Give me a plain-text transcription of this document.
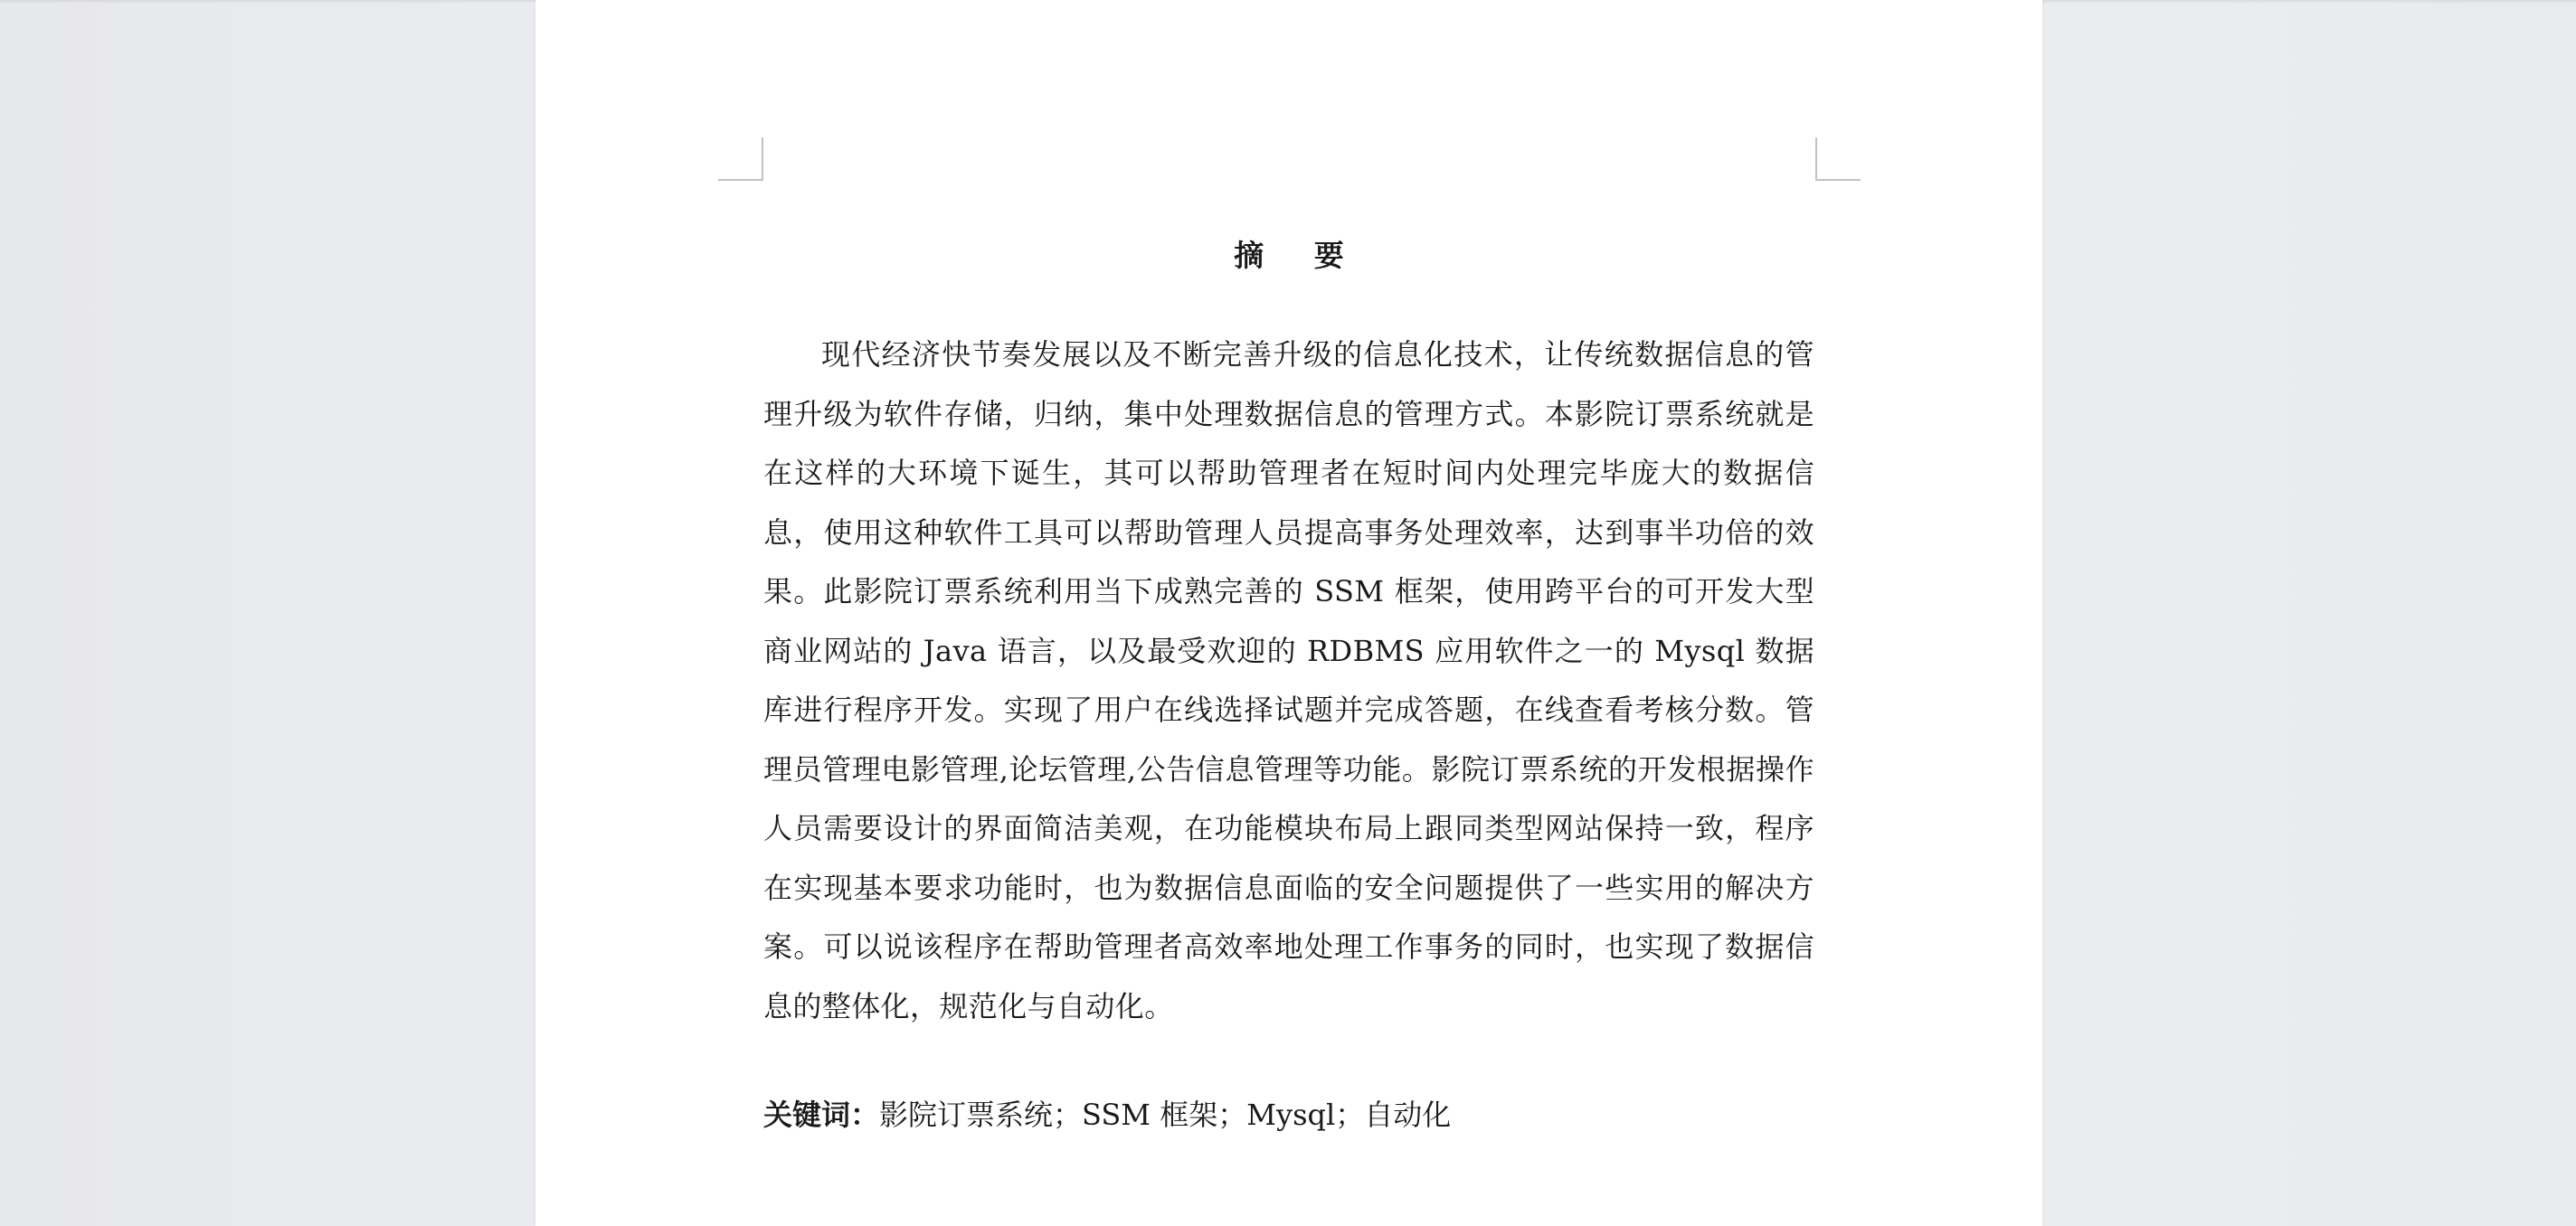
摘 要

现代经济快节奏发展以及不断完善升级的信息化技术，让传统数据信息的管理升级为软件存储，归纳，集中处理数据信息的管理方式。本影院订票系统就是在这样的大环境下诞生，其可以帮助管理者在短时间内处理完毕庞大的数据信息，使用这种软件工具可以帮助管理人员提高事务处理效率，达到事半功倍的效果。此影院订票系统利用当下成熟完善的 SSM 框架，使用跨平台的可开发大型商业网站的 Java 语言，以及最受欢迎的 RDBMS 应用软件之一的 Mysql 数据库进行程序开发。实现了用户在线选择试题并完成答题，在线查看考核分数。管理员管理电影管理,论坛管理,公告信息管理等功能。影院订票系统的开发根据操作人员需要设计的界面简洁美观，在功能模块布局上跟同类型网站保持一致，程序在实现基本要求功能时，也为数据信息面临的安全问题提供了一些实用的解决方案。可以说该程序在帮助管理者高效率地处理工作事务的同时，也实现了数据信息的整体化，规范化与自动化。

关键词：影院订票系统；SSM 框架；Mysql；自动化
